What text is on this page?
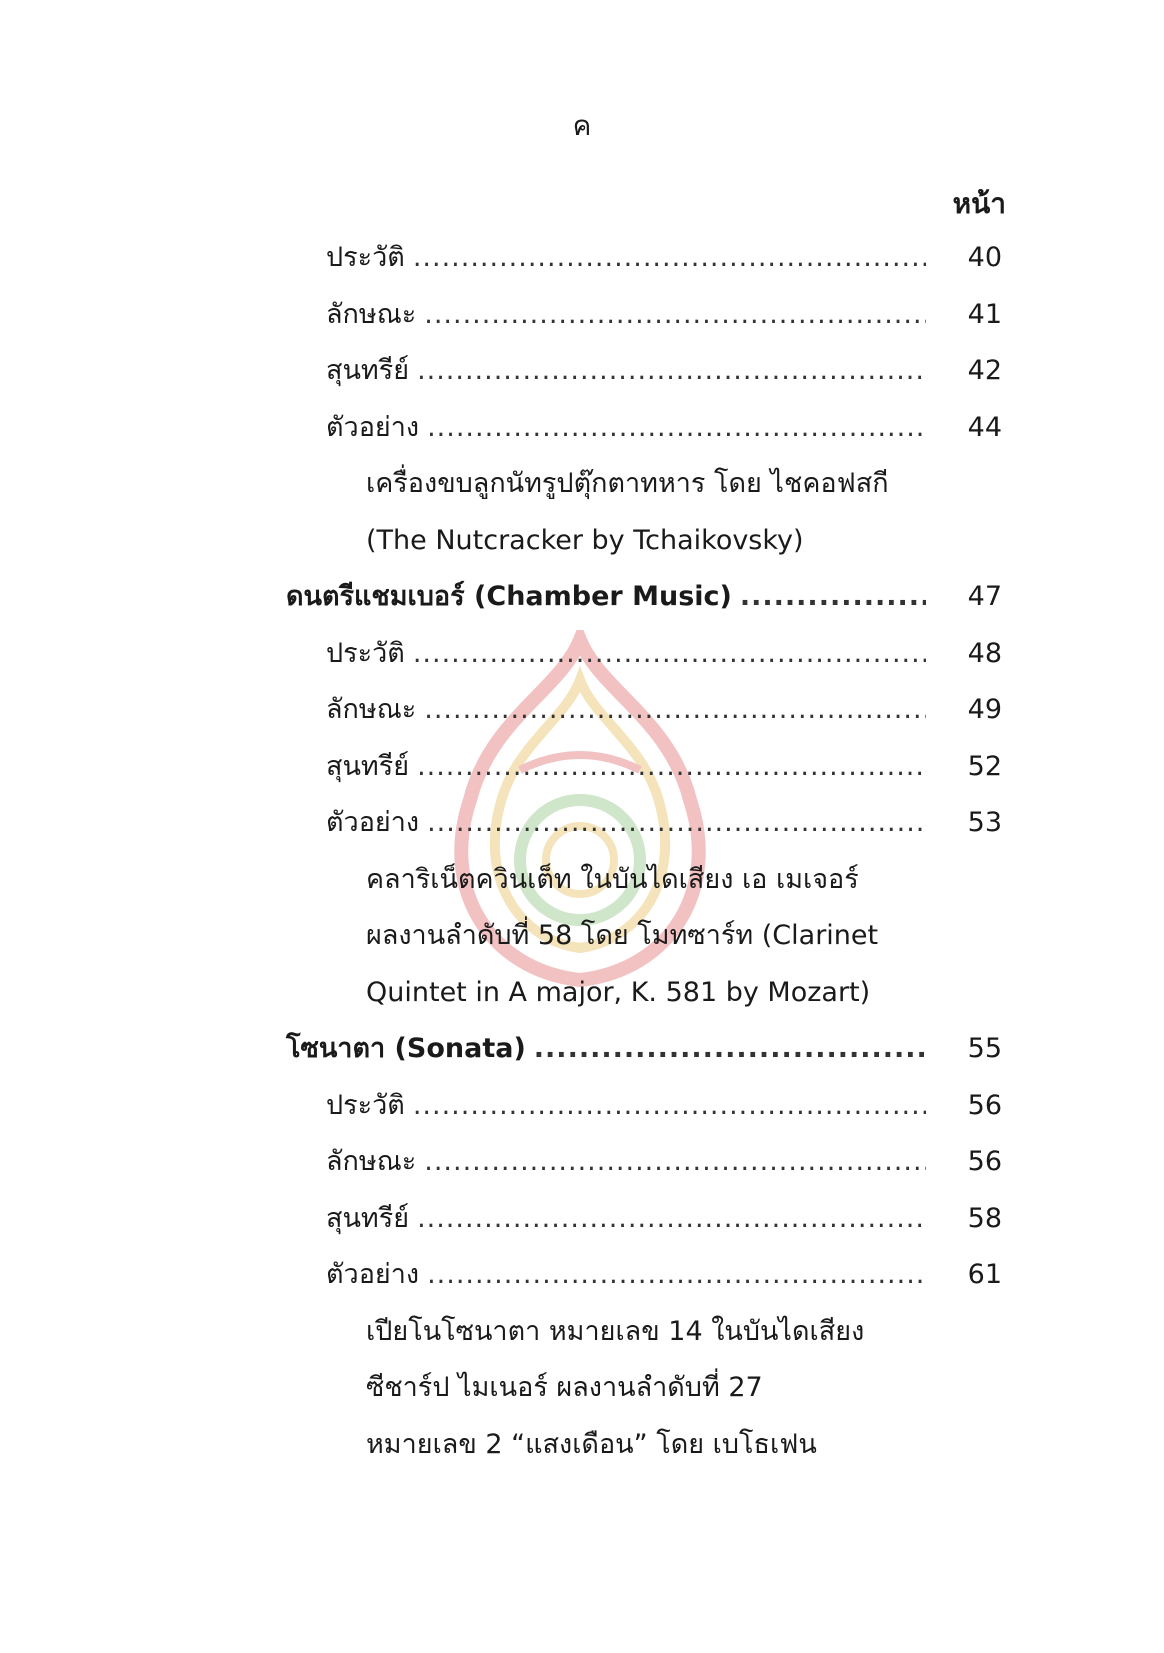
ค
หน้า
ประวัติ .....	40
ลักษณะ .....	41
สุนทรีย์ .....	42
ตัวอย่าง .....	44
เครื่องขบลูกนัทรูปตุ๊กตาทหาร โดย ไชคอฟสกี
(The Nutcracker by Tchaikovsky)
ดนตรีแชมเบอร์ (Chamber Music) .....	47
ประวัติ .....	48
ลักษณะ .....	49
สุนทรีย์ .....	52
ตัวอย่าง .....	53
คลาริเน็ตควินเต็ท ในบันไดเสียง เอ เมเจอร์
ผลงานลำดับที่ 58 โดย โมทซาร์ท (Clarinet
Quintet in A major, K. 581 by Mozart)
โซนาตา (Sonata) .....	55
ประวัติ .....	56
ลักษณะ .....	56
สุนทรีย์ .....	58
ตัวอย่าง .....	61
เปียโนโซนาตา หมายเลข 14 ในบันไดเสียง
ซีชาร์ป ไมเนอร์ ผลงานลำดับที่ 27
หมายเลข 2 “แสงเดือน” โดย เบโธเฟน
